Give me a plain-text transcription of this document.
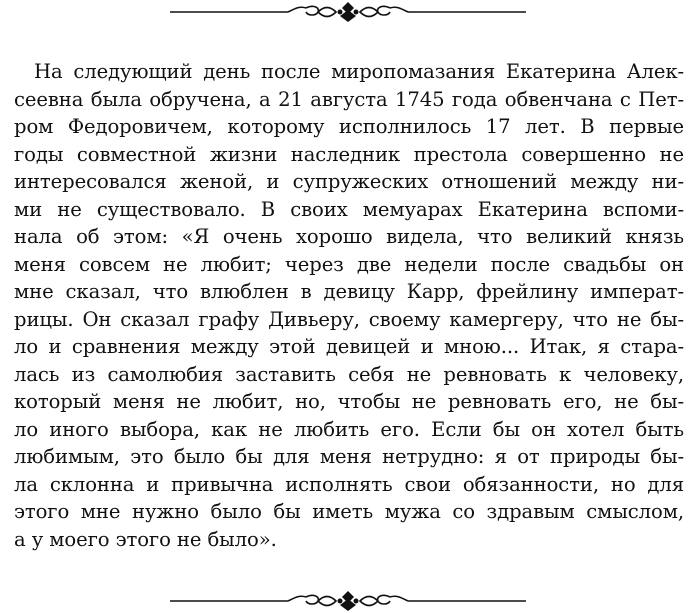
На следующий день после миропомазания Екатерина Алек-
сеевна была обручена, а 21 августа 1745 года обвенчана с Пет-
ром Федоровичем, которому исполнилось 17 лет. В первые
годы совместной жизни наследник престола совершенно не
интересовался женой, и супружеских отношений между ни-
ми не существовало. В своих мемуарах Екатерина вспоми-
нала об этом: «Я очень хорошо видела, что великий князь
меня совсем не любит; через две недели после свадьбы он
мне сказал, что влюблен в девицу Карр, фрейлину императ-
рицы. Он сказал графу Дивьеру, своему камергеру, что не бы-
ло и сравнения между этой девицей и мною... Итак, я стара-
лась из самолюбия заставить себя не ревновать к человеку,
который меня не любит, но, чтобы не ревновать его, не бы-
ло иного выбора, как не любить его. Если бы он хотел быть
любимым, это было бы для меня нетрудно: я от природы бы-
ла склонна и привычна исполнять свои обязанности, но для
этого мне нужно было бы иметь мужа со здравым смыслом,
а у моего этого не было».
